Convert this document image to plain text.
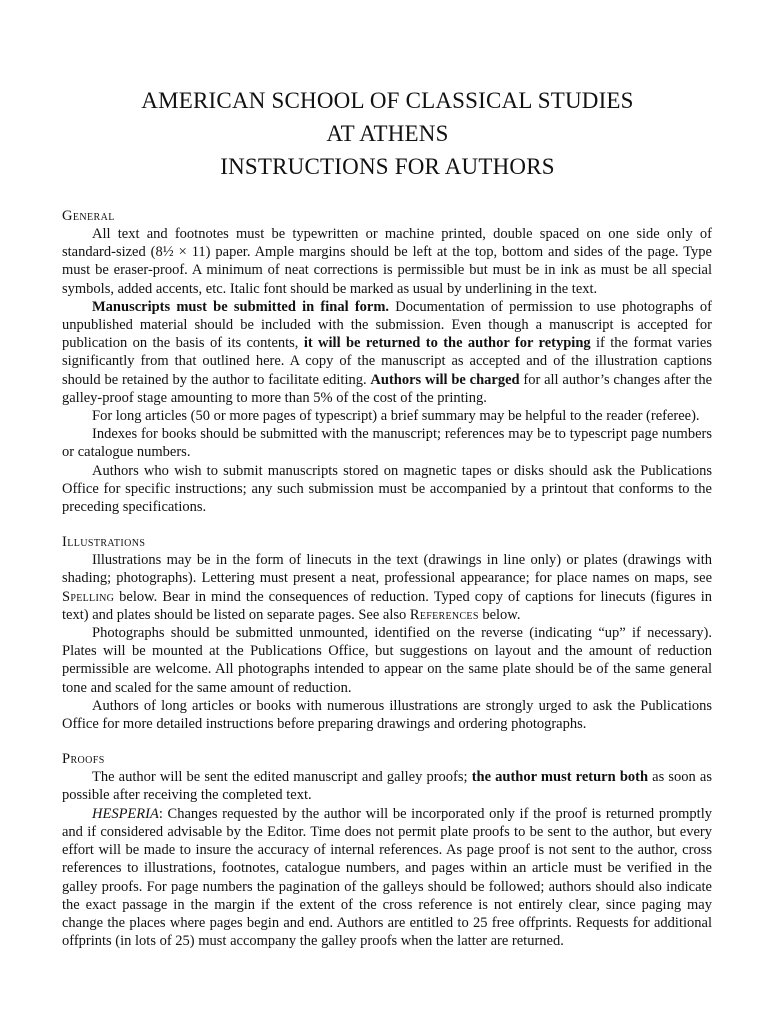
AMERICAN SCHOOL OF CLASSICAL STUDIES
AT ATHENS
INSTRUCTIONS FOR AUTHORS
General

All text and footnotes must be typewritten or machine printed, double spaced on one side only of standard-sized (8½ × 11) paper. Ample margins should be left at the top, bottom and sides of the page. Type must be eraser-proof. A minimum of neat corrections is permissible but must be in ink as must be all special symbols, added accents, etc. Italic font should be marked as usual by underlining in the text.

Manuscripts must be submitted in final form. Documentation of permission to use photographs of unpublished material should be included with the submission. Even though a manuscript is accepted for publication on the basis of its contents, it will be returned to the author for retyping if the format varies significantly from that outlined here. A copy of the manuscript as accepted and of the illustration captions should be retained by the author to facilitate editing. Authors will be charged for all author’s changes after the galley-proof stage amounting to more than 5% of the cost of the printing.

For long articles (50 or more pages of typescript) a brief summary may be helpful to the reader (referee).

Indexes for books should be submitted with the manuscript; references may be to typescript page numbers or catalogue numbers.

Authors who wish to submit manuscripts stored on magnetic tapes or disks should ask the Publications Office for specific instructions; any such submission must be accompanied by a printout that conforms to the preceding specifications.

Illustrations

Illustrations may be in the form of linecuts in the text (drawings in line only) or plates (drawings with shading; photographs). Lettering must present a neat, professional appearance; for place names on maps, see Spelling below. Bear in mind the consequences of reduction. Typed copy of captions for linecuts (figures in text) and plates should be listed on separate pages. See also References below.

Photographs should be submitted unmounted, identified on the reverse (indicating “up” if necessary). Plates will be mounted at the Publications Office, but suggestions on layout and the amount of reduction permissible are welcome. All photographs intended to appear on the same plate should be of the same general tone and scaled for the same amount of reduction.

Authors of long articles or books with numerous illustrations are strongly urged to ask the Publications Office for more detailed instructions before preparing drawings and ordering photographs.

Proofs

The author will be sent the edited manuscript and galley proofs; the author must return both as soon as possible after receiving the completed text.

HESPERIA: Changes requested by the author will be incorporated only if the proof is returned promptly and if considered advisable by the Editor. Time does not permit plate proofs to be sent to the author, but every effort will be made to insure the accuracy of internal references. As page proof is not sent to the author, cross references to illustrations, footnotes, catalogue numbers, and pages within an article must be verified in the galley proofs. For page numbers the pagination of the galleys should be followed; authors should also indicate the exact passage in the margin if the extent of the cross reference is not entirely clear, since paging may change the places where pages begin and end. Authors are entitled to 25 free offprints. Requests for additional offprints (in lots of 25) must accompany the galley proofs when the latter are returned.
